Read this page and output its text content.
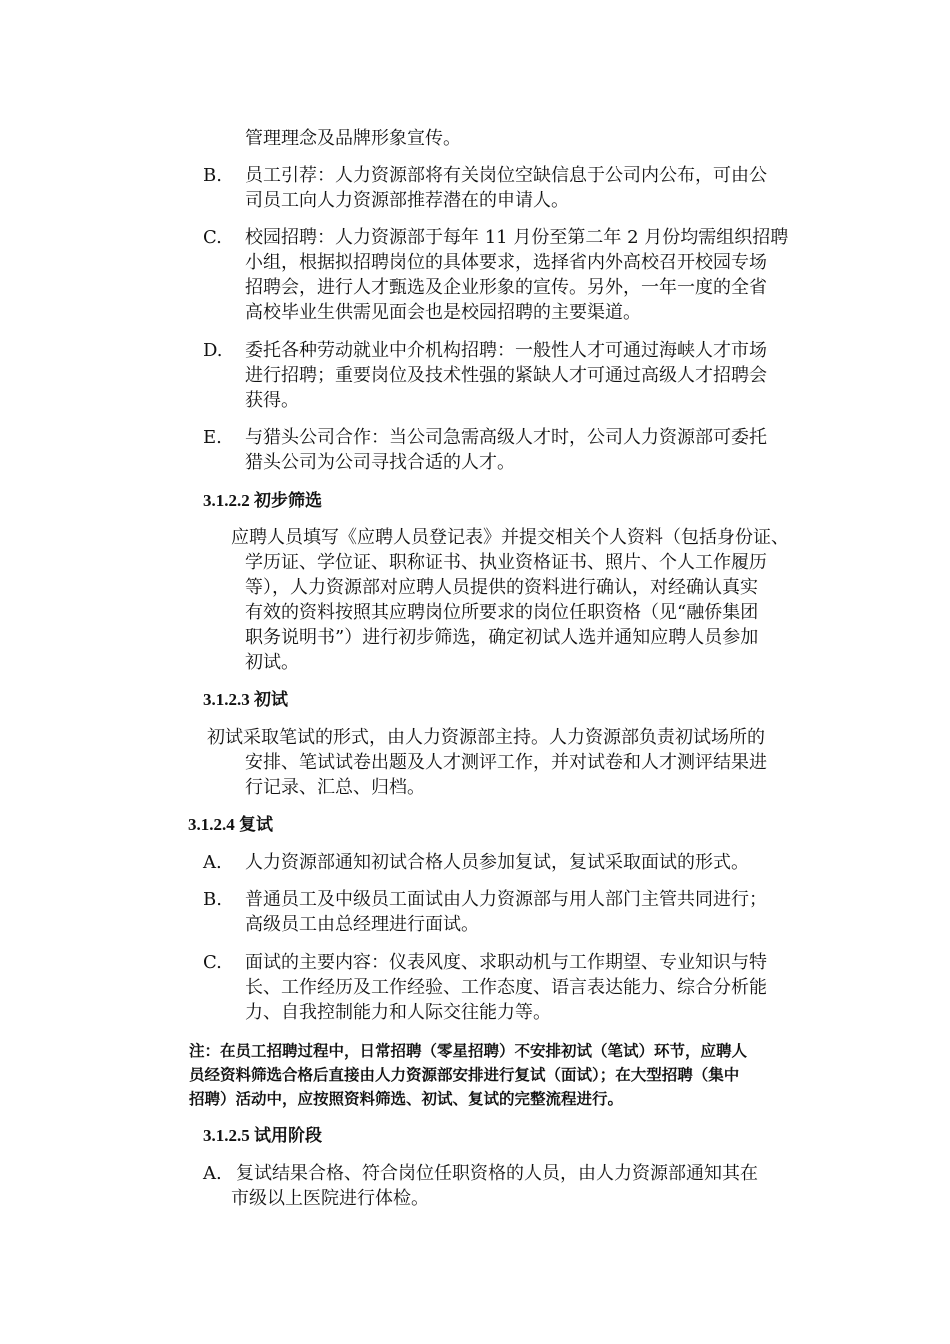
管理理念及品牌形象宣传。
B. 员工引荐：人力资源部将有关岗位空缺信息于公司内公布，可由公
司员工向人力资源部推荐潜在的申请人。
C. 校园招聘：人力资源部于每年 11 月份至第二年 2 月份均需组织招聘
小组，根据拟招聘岗位的具体要求，选择省内外高校召开校园专场
招聘会，进行人才甄选及企业形象的宣传。另外，一年一度的全省
高校毕业生供需见面会也是校园招聘的主要渠道。
D. 委托各种劳动就业中介机构招聘：一般性人才可通过海峡人才市场
进行招聘；重要岗位及技术性强的紧缺人才可通过高级人才招聘会
获得。
E. 与猎头公司合作：当公司急需高级人才时，公司人力资源部可委托
猎头公司为公司寻找合适的人才。
3.1.2.2 初步筛选
应聘人员填写《应聘人员登记表》并提交相关个人资料（包括身份证、
学历证、学位证、职称证书、执业资格证书、照片、个人工作履历
等），人力资源部对应聘人员提供的资料进行确认，对经确认真实
有效的资料按照其应聘岗位所要求的岗位任职资格（见“融侨集团
职务说明书”）进行初步筛选，确定初试人选并通知应聘人员参加
初试。
3.1.2.3 初试
初试采取笔试的形式，由人力资源部主持。人力资源部负责初试场所的
安排、笔试试卷出题及人才测评工作，并对试卷和人才测评结果进
行记录、汇总、归档。
3.1.2.4 复试
A. 人力资源部通知初试合格人员参加复试，复试采取面试的形式。
B. 普通员工及中级员工面试由人力资源部与用人部门主管共同进行；
高级员工由总经理进行面试。
C. 面试的主要内容：仪表风度、求职动机与工作期望、专业知识与特
长、工作经历及工作经验、工作态度、语言表达能力、综合分析能
力、自我控制能力和人际交往能力等。
注：在员工招聘过程中，日常招聘（零星招聘）不安排初试（笔试）环节，应聘人
员经资料筛选合格后直接由人力资源部安排进行复试（面试）；在大型招聘（集中
招聘）活动中，应按照资料筛选、初试、复试的完整流程进行。
3.1.2.5 试用阶段
A. 复试结果合格、符合岗位任职资格的人员，由人力资源部通知其在
市级以上医院进行体检。
